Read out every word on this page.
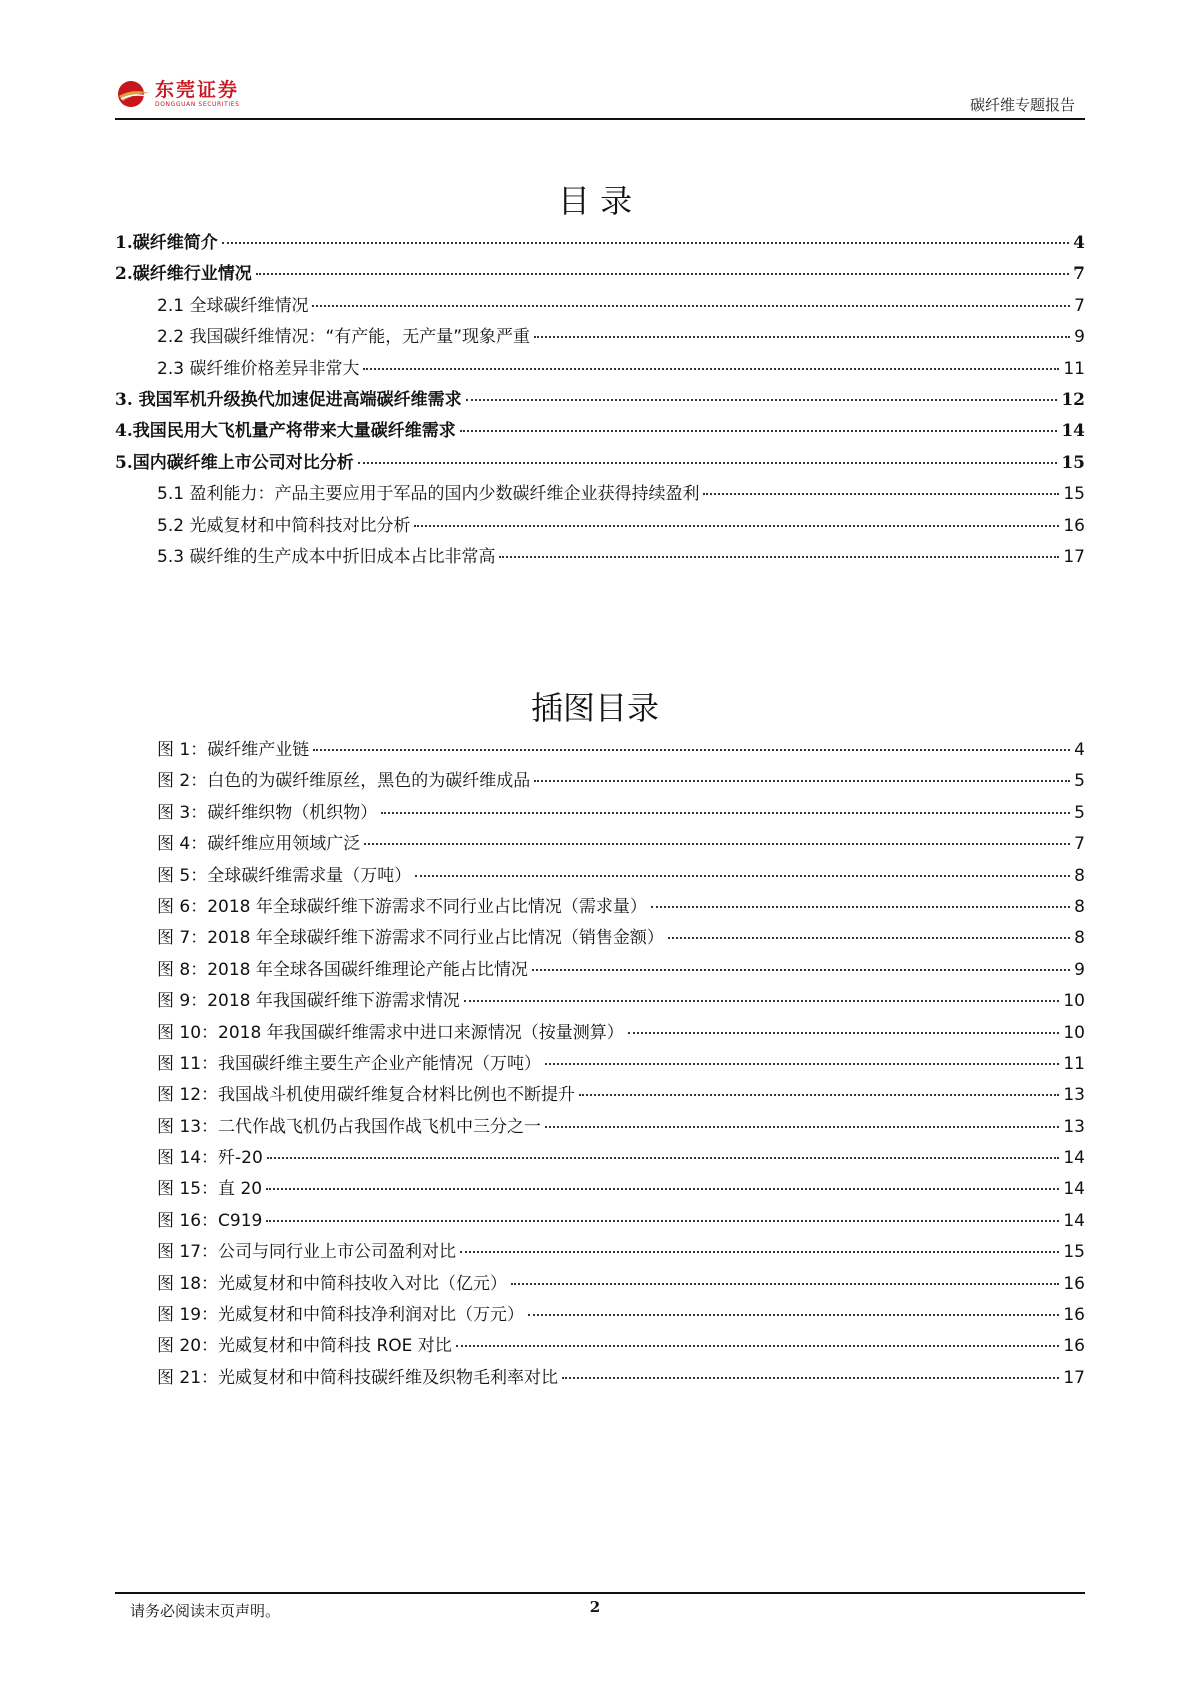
东莞证券
DONGGUAN SECURITIES	碳纤维专题报告
目 录
1.碳纤维简介	4
2.碳纤维行业情况	7
2.1 全球碳纤维情况	7
2.2 我国碳纤维情况：“有产能，无产量”现象严重	9
2.3 碳纤维价格差异非常大	11
3. 我国军机升级换代加速促进高端碳纤维需求	12
4.我国民用大飞机量产将带来大量碳纤维需求	14
5.国内碳纤维上市公司对比分析	15
5.1 盈利能力：产品主要应用于军品的国内少数碳纤维企业获得持续盈利	15
5.2 光威复材和中简科技对比分析	16
5.3 碳纤维的生产成本中折旧成本占比非常高	17
插图目录
图 1：碳纤维产业链	4
图 2：白色的为碳纤维原丝，黑色的为碳纤维成品	5
图 3：碳纤维织物（机织物）	5
图 4：碳纤维应用领域广泛	7
图 5：全球碳纤维需求量（万吨）	8
图 6：2018 年全球碳纤维下游需求不同行业占比情况（需求量）	8
图 7：2018 年全球碳纤维下游需求不同行业占比情况（销售金额）	8
图 8：2018 年全球各国碳纤维理论产能占比情况	9
图 9：2018 年我国碳纤维下游需求情况	10
图 10：2018 年我国碳纤维需求中进口来源情况（按量测算）	10
图 11：我国碳纤维主要生产企业产能情况（万吨）	11
图 12：我国战斗机使用碳纤维复合材料比例也不断提升	13
图 13：二代作战飞机仍占我国作战飞机中三分之一	13
图 14：歼-20	14
图 15：直 20	14
图 16：C919	14
图 17：公司与同行业上市公司盈利对比	15
图 18：光威复材和中简科技收入对比（亿元）	16
图 19：光威复材和中简科技净利润对比（万元）	16
图 20：光威复材和中简科技 ROE 对比	16
图 21：光威复材和中简科技碳纤维及织物毛利率对比	17
请务必阅读末页声明。	2
